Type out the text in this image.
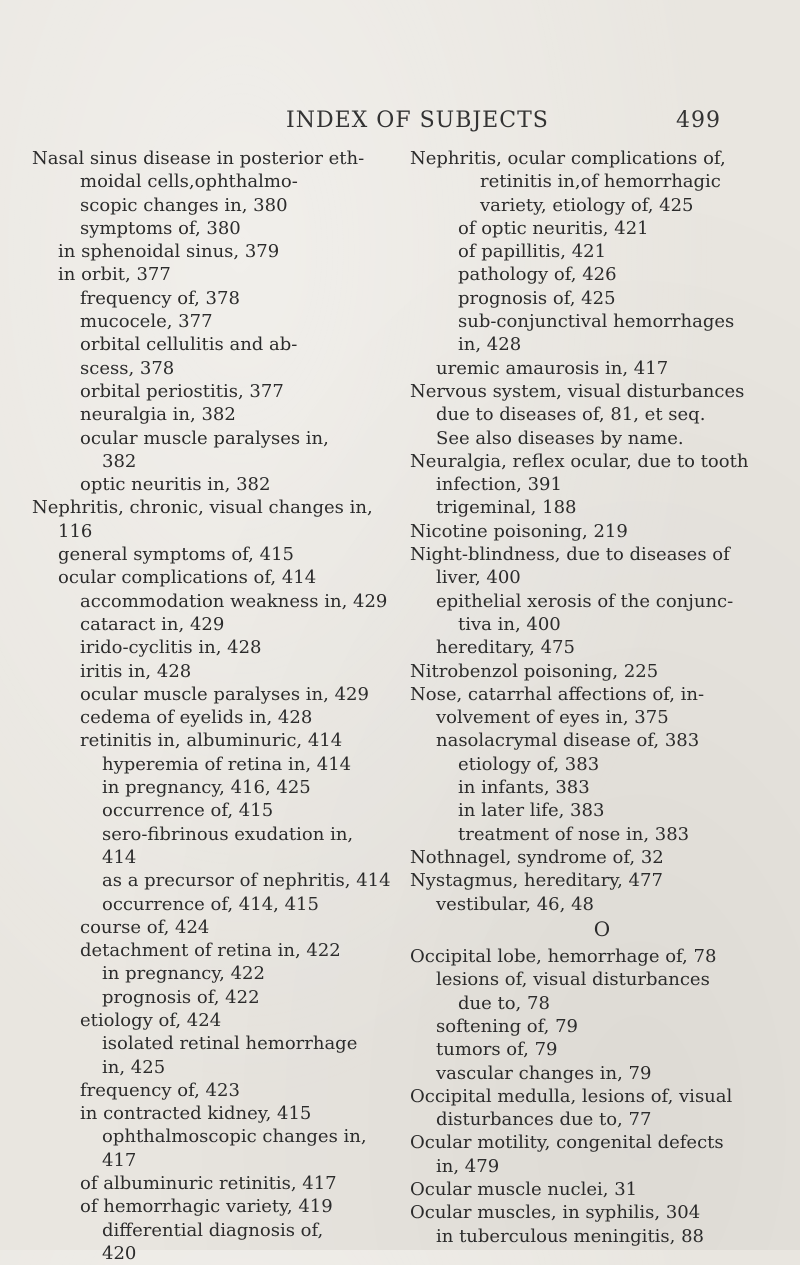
INDEX OF SUBJECTS	499
Nasal sinus disease in posterior eth-
moidal cells,ophthalmo-
scopic changes in, 380
symptoms of, 380
in sphenoidal sinus, 379
in orbit, 377
frequency of, 378
mucocele, 377
orbital cellulitis and ab-
scess, 378
orbital periostitis, 377
neuralgia in, 382
ocular muscle paralyses in,
382
optic neuritis in, 382
Nephritis, chronic, visual changes in,
116
general symptoms of, 415
ocular complications of, 414
accommodation weakness in, 429
cataract in, 429
irido-cyclitis in, 428
iritis in, 428
ocular muscle paralyses in, 429
cedema of eyelids in, 428
retinitis in, albuminuric, 414
hyperemia of retina in, 414
in pregnancy, 416, 425
occurrence of, 415
sero-fibrinous exudation in,
414
as a precursor of nephritis, 414
occurrence of, 414, 415
course of, 424
detachment of retina in, 422
in pregnancy, 422
prognosis of, 422
etiology of, 424
isolated retinal hemorrhage
in, 425
frequency of, 423
in contracted kidney, 415
ophthalmoscopic changes in,
417
of albuminuric retinitis, 417
of hemorrhagic variety, 419
differential diagnosis of,
420
Nephritis, ocular complications of,
retinitis in,of hemorrhagic
variety, etiology of, 425
of optic neuritis, 421
of papillitis, 421
pathology of, 426
prognosis of, 425
sub-conjunctival hemorrhages
in, 428
uremic amaurosis in, 417
Nervous system, visual disturbances
due to diseases of, 81, et seq.
See also diseases by name.
Neuralgia, reflex ocular, due to tooth
infection, 391
trigeminal, 188
Nicotine poisoning, 219
Night-blindness, due to diseases of
liver, 400
epithelial xerosis of the conjunc-
tiva in, 400
hereditary, 475
Nitrobenzol poisoning, 225
Nose, catarrhal affections of, in-
volvement of eyes in, 375
nasolacrymal disease of, 383
etiology of, 383
in infants, 383
in later life, 383
treatment of nose in, 383
Nothnagel, syndrome of, 32
Nystagmus, hereditary, 477
vestibular, 46, 48
O
Occipital lobe, hemorrhage of, 78
lesions of, visual disturbances
due to, 78
softening of, 79
tumors of, 79
vascular changes in, 79
Occipital medulla, lesions of, visual
disturbances due to, 77
Ocular motility, congenital defects
in, 479
Ocular muscle nuclei, 31
Ocular muscles, in syphilis, 304
in tuberculous meningitis, 88
